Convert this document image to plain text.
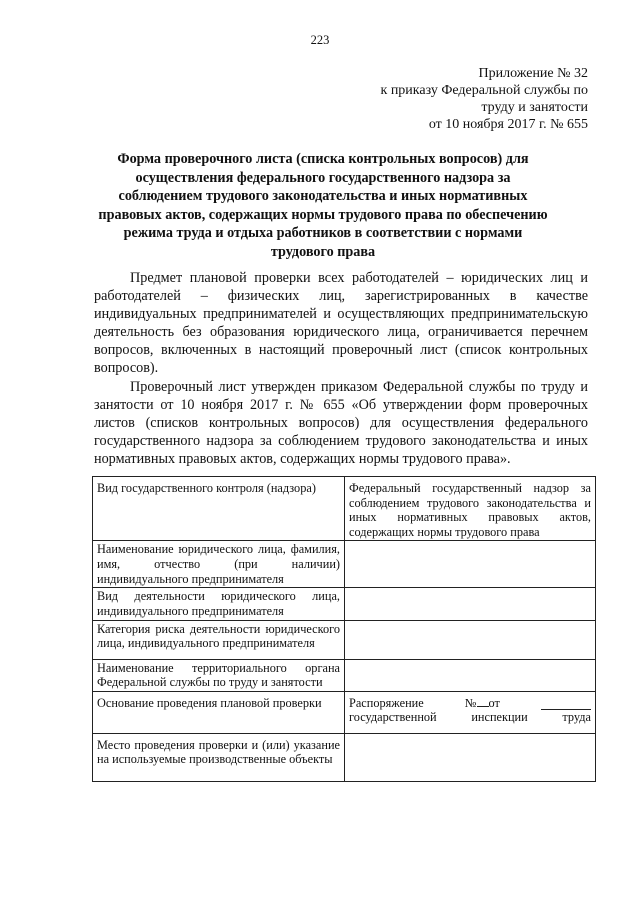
223
Приложение № 32
к приказу Федеральной службы по
труду и занятости
от 10 ноября 2017 г. № 655
Форма проверочного листа (списка контрольных вопросов) для осуществления федерального государственного надзора за соблюдением трудового законодательства и иных нормативных правовых актов, содержащих нормы трудового права по обеспечению режима труда и отдыха работников в соответствии с нормами трудового права

Предмет плановой проверки всех работодателей – юридических лиц и работодателей – физических лиц, зарегистрированных в качестве индивидуальных предпринимателей и осуществляющих предпринимательскую деятельность без образования юридического лица, ограничивается перечнем вопросов, включенных в настоящий проверочный лист (список контрольных вопросов).

Проверочный лист утвержден приказом Федеральной службы по труду и занятости от 10 ноября 2017 г. № 655 «Об утверждении форм проверочных листов (списков контрольных вопросов) для осуществления федерального государственного надзора за соблюдением трудового законодательства и иных нормативных правовых актов, содержащих нормы трудового права».

Вид государственного контроля (надзора)	Федеральный государственный надзор за соблюдением трудового законодательства и иных нормативных правовых актов, содержащих нормы трудового права
Наименование юридического лица, фамилия, имя, отчество (при наличии) индивидуального предпринимателя	
Вид деятельности юридического лица, индивидуального предпринимателя	
Категория риска деятельности юридического лица, индивидуального предпринимателя	
Наименование территориального органа Федеральной службы по труду и занятости	
Основание проведения плановой проверки	Распоряжение № от
государственной инспекции труда

Место проведения проверки и (или) указание на используемые производственные объекты	
